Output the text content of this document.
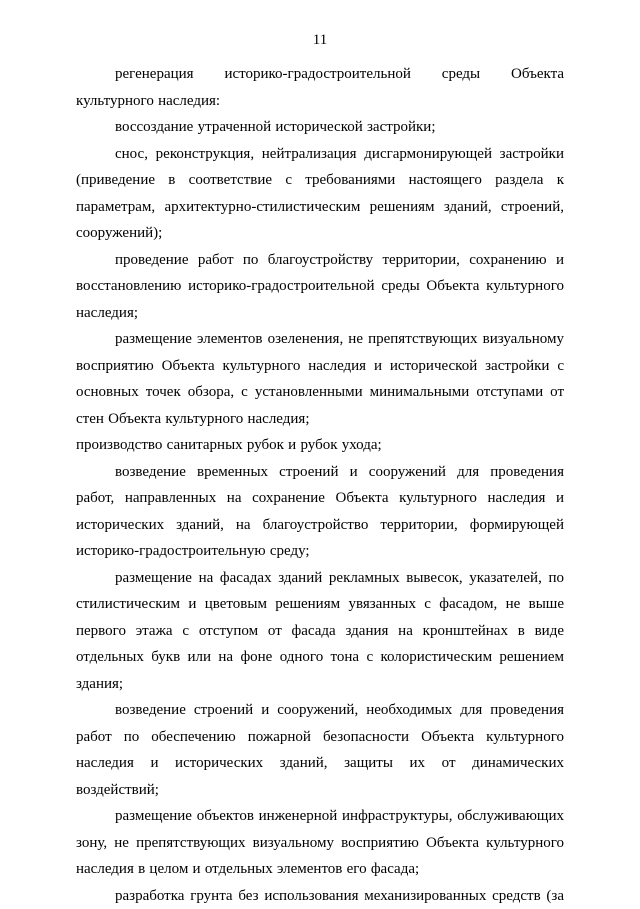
11

регенерация историко-градостроительной среды Объекта культурного наследия:

воссоздание утраченной исторической застройки;

снос, реконструкция, нейтрализация дисгармонирующей застройки (приведение в соответствие с требованиями настоящего раздела к параметрам, архитектурно-стилистическим решениям зданий, строений, сооружений);

проведение работ по благоустройству территории, сохранению и восстановлению историко-градостроительной среды Объекта культурного наследия;

размещение элементов озеленения, не препятствующих визуальному восприятию Объекта культурного наследия и исторической застройки с основных точек обзора, с установленными минимальными отступами от стен Объекта культурного наследия;

производство санитарных рубок и рубок ухода;

возведение временных строений и сооружений для проведения работ, направленных на сохранение Объекта культурного наследия и исторических зданий, на благоустройство территории, формирующей историко-градостроительную среду;

размещение на фасадах зданий рекламных вывесок, указателей, по стилистическим и цветовым решениям увязанных с фасадом, не выше первого этажа с отступом от фасада здания на кронштейнах в виде отдельных букв или на фоне одного тона с колористическим решением здания;

возведение строений и сооружений, необходимых для проведения работ по обеспечению пожарной безопасности Объекта культурного наследия и исторических зданий, защиты их от динамических воздействий;

размещение объектов инженерной инфраструктуры, обслуживающих зону, не препятствующих визуальному восприятию Объекта культурного наследия в целом и отдельных элементов его фасада;

разработка грунта без использования механизированных средств (за
